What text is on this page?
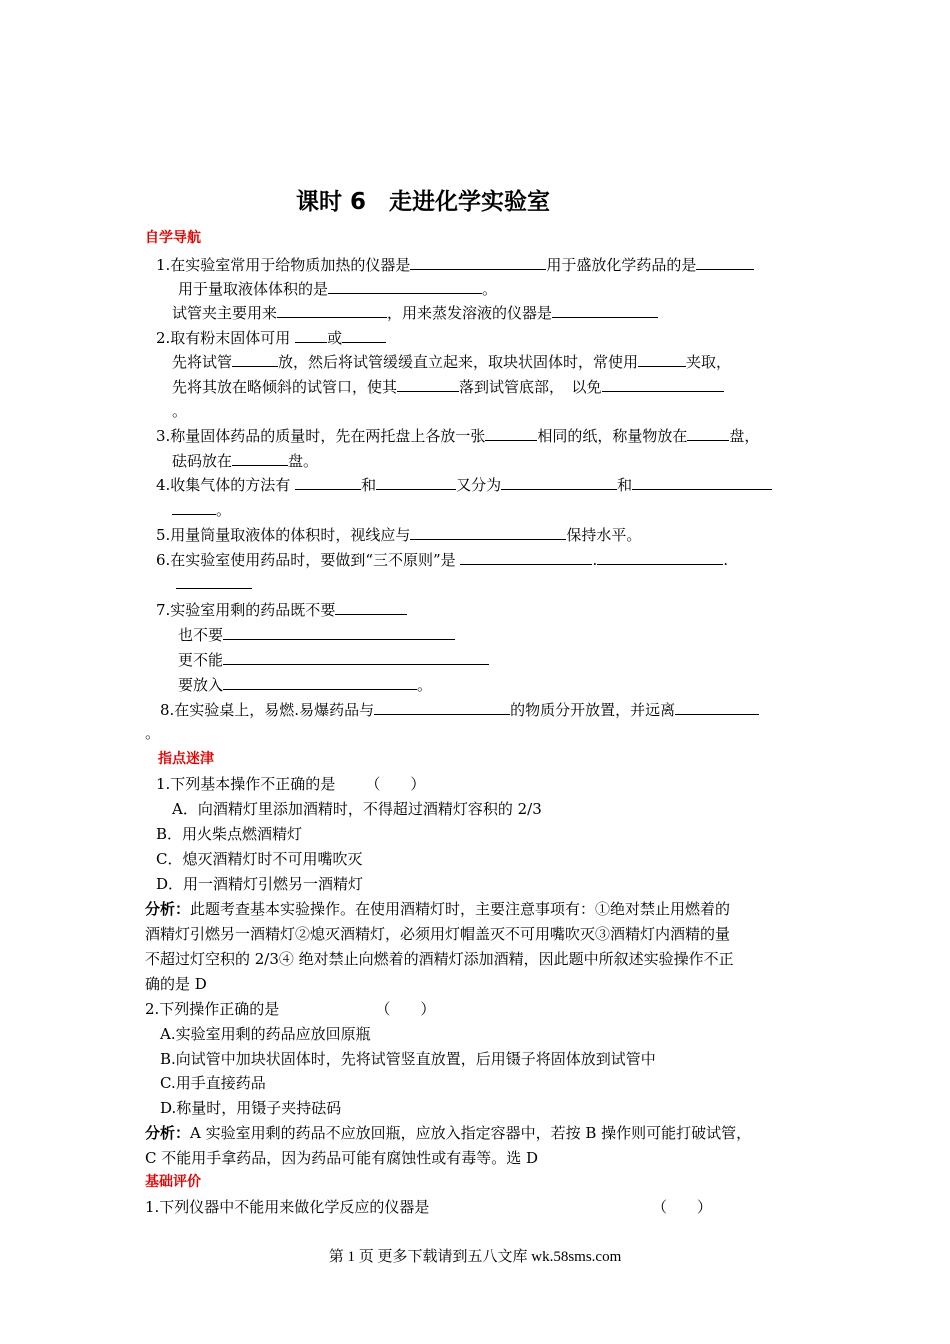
课时 6　走进化学实验室
自学导航
1.在实验室常用于给物质加热的仪器是	用于盛放化学药品的是
用于量取液体体积的是	。
试管夹主要用来	，用来蒸发溶液的仪器是
2.取有粉末固体可用 或
先将试管	放，然后将试管缓缓直立起来，取块状固体时，常使用	夹取，
先将其放在略倾斜的试管口，使其	落到试管底部，　以免
。
3.称量固体药品的质量时，先在两托盘上各放一张	相同的纸，称量物放在	盘，
砝码放在	盘。
4.收集气体的方法有	和	又分为	和
。
5.用量筒量取液体的体积时，视线应与	保持水平。
6.在实验室使用药品时，要做到“三不原则”是	.	.
7.实验室用剩的药品既不要
也不要
更不能
要放入	。
8.在实验桌上，易燃.易爆药品与	的物质分开放置，并远离
。
指点迷津
1.下列基本操作不正确的是 （　　）
A．向酒精灯里添加酒精时，不得超过酒精灯容积的 2/3
B．用火柴点燃酒精灯
C．熄灭酒精灯时不可用嘴吹灭
D．用一酒精灯引燃另一酒精灯
分析：此题考查基本实验操作。在使用酒精灯时，主要注意事项有：①绝对禁止用燃着的
酒精灯引燃另一酒精灯②熄灭酒精灯，必须用灯帽盖灭不可用嘴吹灭③酒精灯内酒精的量
不超过灯空积的 2/3④ 绝对禁止向燃着的酒精灯添加酒精，因此题中所叙述实验操作不正
确的是 D
2.下列操作正确的是	（　　）
A.实验室用剩的药品应放回原瓶
B.向试管中加块状固体时，先将试管竖直放置，后用镊子将固体放到试管中
C.用手直接药品
D.称量时，用镊子夹持砝码
分析：A 实验室用剩的药品不应放回瓶，应放入指定容器中，若按 B 操作则可能打破试管，
C 不能用手拿药品，因为药品可能有腐蚀性或有毒等。选 D
基础评价
1.下列仪器中不能用来做化学反应的仪器是	（　　）
第 1 页 更多下载请到五八文库 wk.58sms.com
